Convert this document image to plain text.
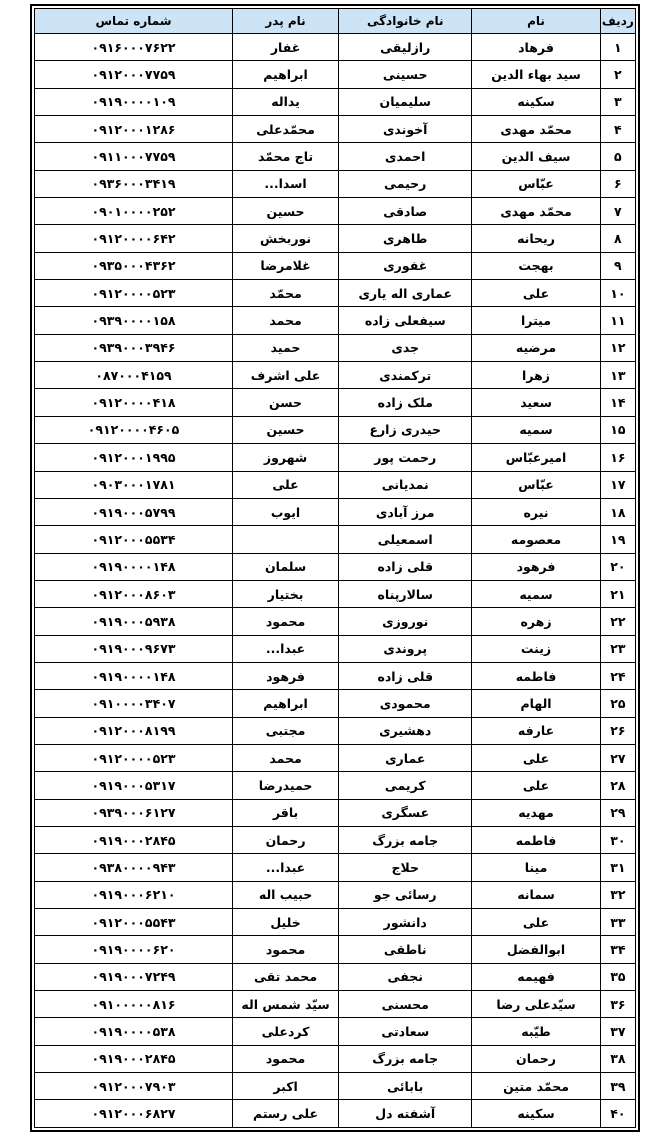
ردیف	نام	نام خانوادگی	نام پدر	شماره تماس
۱	فرهاد	رازلیقی	غفار	۰۹۱۶۰۰۰۷۶۲۲
۲	سید بهاء الدین	حسینی	ابراهیم	۰۹۱۲۰۰۰۷۷۵۹
۳	سکینه	سلیمیان	یداله	۰۹۱۹۰۰۰۰۱۰۹
۴	محمّد مهدی	آخوندی	محمّدعلی	۰۹۱۲۰۰۰۱۲۸۶
۵	سیف الدین	احمدی	تاج محمّد	۰۹۱۱۰۰۰۷۷۵۹
۶	عبّاس	رحیمی	اسدا...	۰۹۳۶۰۰۰۳۴۱۹
۷	محمّد مهدی	صادقی	حسین	۰۹۰۱۰۰۰۰۲۵۲
۸	ریحانه	طاهری	نوربخش	۰۹۱۲۰۰۰۰۶۴۲
۹	بهجت	غفوری	غلامرضا	۰۹۳۵۰۰۰۴۳۶۲
۱۰	علی	عماری اله یاری	محمّد	۰۹۱۲۰۰۰۰۵۲۳
۱۱	میترا	سیفعلی زاده	محمد	۰۹۳۹۰۰۰۰۱۵۸
۱۲	مرضیه	جدی	حمید	۰۹۳۹۰۰۰۳۹۴۶
۱۳	زهرا	ترکمندی	علی اشرف	۰۸۷۰۰۰۴۱۵۹
۱۴	سعید	ملک زاده	حسن	۰۹۱۲۰۰۰۰۴۱۸
۱۵	سمیه	حیدری زارع	حسین	۰۹۱۲۰۰۰۰۴۶۰۵
۱۶	امیرعبّاس	رحمت پور	شهروز	۰۹۱۲۰۰۰۱۹۹۵
۱۷	عبّاس	نمدیانی	علی	۰۹۰۳۰۰۰۱۷۸۱
۱۸	نیره	مرز آبادی	ایوب	۰۹۱۹۰۰۰۵۷۹۹
۱۹	معصومه	اسمعیلی		۰۹۱۲۰۰۰۵۵۳۴
۲۰	فرهود	قلی زاده	سلمان	۰۹۱۹۰۰۰۰۱۴۸
۲۱	سمیه	سالارپناه	بختیار	۰۹۱۲۰۰۰۸۶۰۳
۲۲	زهره	نوروزی	محمود	۰۹۱۹۰۰۰۵۹۳۸
۲۳	زینت	پروندی	عبدا...	۰۹۱۹۰۰۰۹۶۷۳
۲۴	فاطمه	قلی زاده	فرهود	۰۹۱۹۰۰۰۰۱۴۸
۲۵	الهام	محمودی	ابراهیم	۰۹۱۰۰۰۰۳۴۰۷
۲۶	عارفه	دهشیری	مجتبی	۰۹۱۲۰۰۰۸۱۹۹
۲۷	علی	عماری	محمد	۰۹۱۲۰۰۰۰۵۲۳
۲۸	علی	کریمی	حمیدرضا	۰۹۱۹۰۰۰۵۳۱۷
۲۹	مهدیه	عسگری	باقر	۰۹۳۹۰۰۰۶۱۲۷
۳۰	فاطمه	جامه بزرگ	رحمان	۰۹۱۹۰۰۰۲۸۴۵
۳۱	مینا	حلاج	عبدا...	۰۹۳۸۰۰۰۰۹۴۳
۳۲	سمانه	رسائی جو	حبیب اله	۰۹۱۹۰۰۰۶۲۱۰
۳۳	علی	دانشور	خلیل	۰۹۱۲۰۰۰۵۵۴۳
۳۴	ابوالفضل	ناطقی	محمود	۰۹۱۹۰۰۰۰۶۲۰
۳۵	فهیمه	نجفی	محمد تقی	۰۹۱۹۰۰۰۷۲۴۹
۳۶	سیّدعلی رضا	محسنی	سیّد شمس اله	۰۹۱۰۰۰۰۰۸۱۶
۳۷	طیّبه	سعادتی	کردعلی	۰۹۱۹۰۰۰۰۵۳۸
۳۸	رحمان	جامه بزرگ	محمود	۰۹۱۹۰۰۰۲۸۴۵
۳۹	محمّد متین	بابائی	اکبر	۰۹۱۲۰۰۰۷۹۰۳
۴۰	سکینه	آشفته دل	علی رستم	۰۹۱۲۰۰۰۶۸۲۷
